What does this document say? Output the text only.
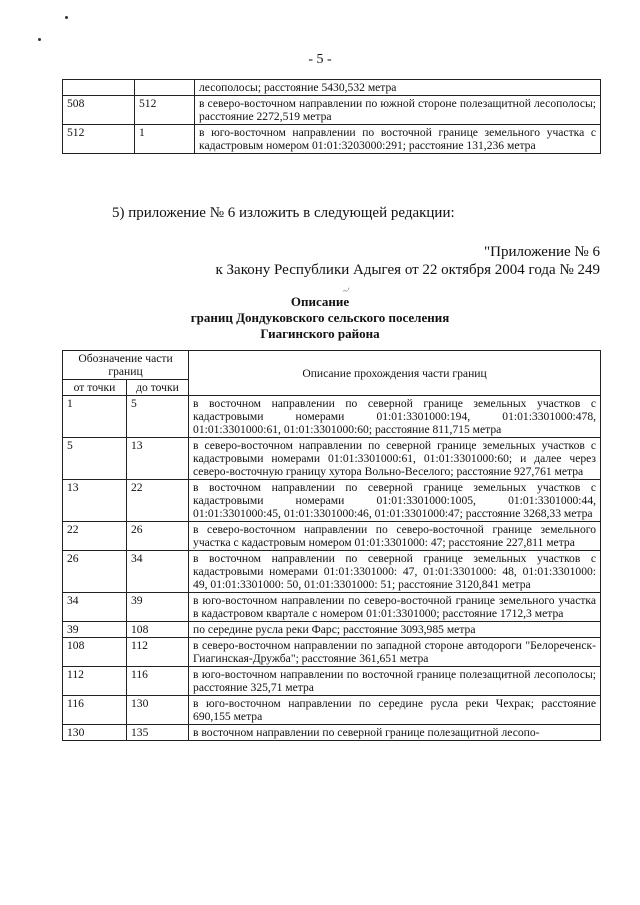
- 5 -
		лесополосы; расстояние 5430,532 метра
508	512	в северо-восточном направлении по южной стороне полезащитной лесополосы; расстояние 2272,519 метра
512	1	в юго-восточном направлении по восточной границе земельного участка с кадастровым номером 01:01:3203000:291; расстояние 131,236 метра
5) приложение № 6 изложить в следующей редакции:
"Приложение № 6
к Закону Республики Адыгея от 22 октября 2004 года № 249
~ʹ
Описание
границ Дондуковского сельского поселения
Гиагинского района
Обозначение части границ		Описание прохождения части границ
от точки	до точки	
1	5	в восточном направлении по северной границе земельных участков с кадастровыми номерами 01:01:3301000:194, 01:01:3301000:478, 01:01:3301000:61, 01:01:3301000:60; расстояние 811,715 метра
5	13	в северо-восточном направлении по северной границе земельных участков с кадастровыми номерами 01:01:3301000:61, 01:01:3301000:60; и далее через северо-восточную границу хутора Вольно-Веселого; расстояние 927,761 метра
13	22	в восточном направлении по северной границе земельных участков с кадастровыми номерами 01:01:3301000:1005, 01:01:3301000:44, 01:01:3301000:45, 01:01:3301000:46, 01:01:3301000:47; расстояние 3268,33 метра
22	26	в северо-восточном направлении по северо-восточной границе земельного участка с кадастровым номером 01:01:3301000: 47; расстояние 227,811 метра
26	34	в восточном направлении по северной границе земельных участков с кадастровыми номерами 01:01:3301000: 47, 01:01:3301000: 48, 01:01:3301000: 49, 01:01:3301000: 50, 01:01:3301000: 51; расстояние 3120,841 метра
34	39	в юго-восточном направлении по северо-восточной границе земельного участка в кадастровом квартале с номером 01:01:3301000; расстояние 1712,3 метра
39	108	по середине русла реки Фарс; расстояние 3093,985 метра
108	112	в северо-восточном направлении по западной стороне автодороги "Белореченск-Гиагинская-Дружба"; расстояние 361,651 метра
112	116	в юго-восточном направлении по восточной границе полезащитной лесополосы; расстояние 325,71 метра
116	130	в юго-восточном направлении по середине русла реки Чехрак; расстояние 690,155 метра
130	135	в восточном направлении по северной границе полезащитной лесопо-
